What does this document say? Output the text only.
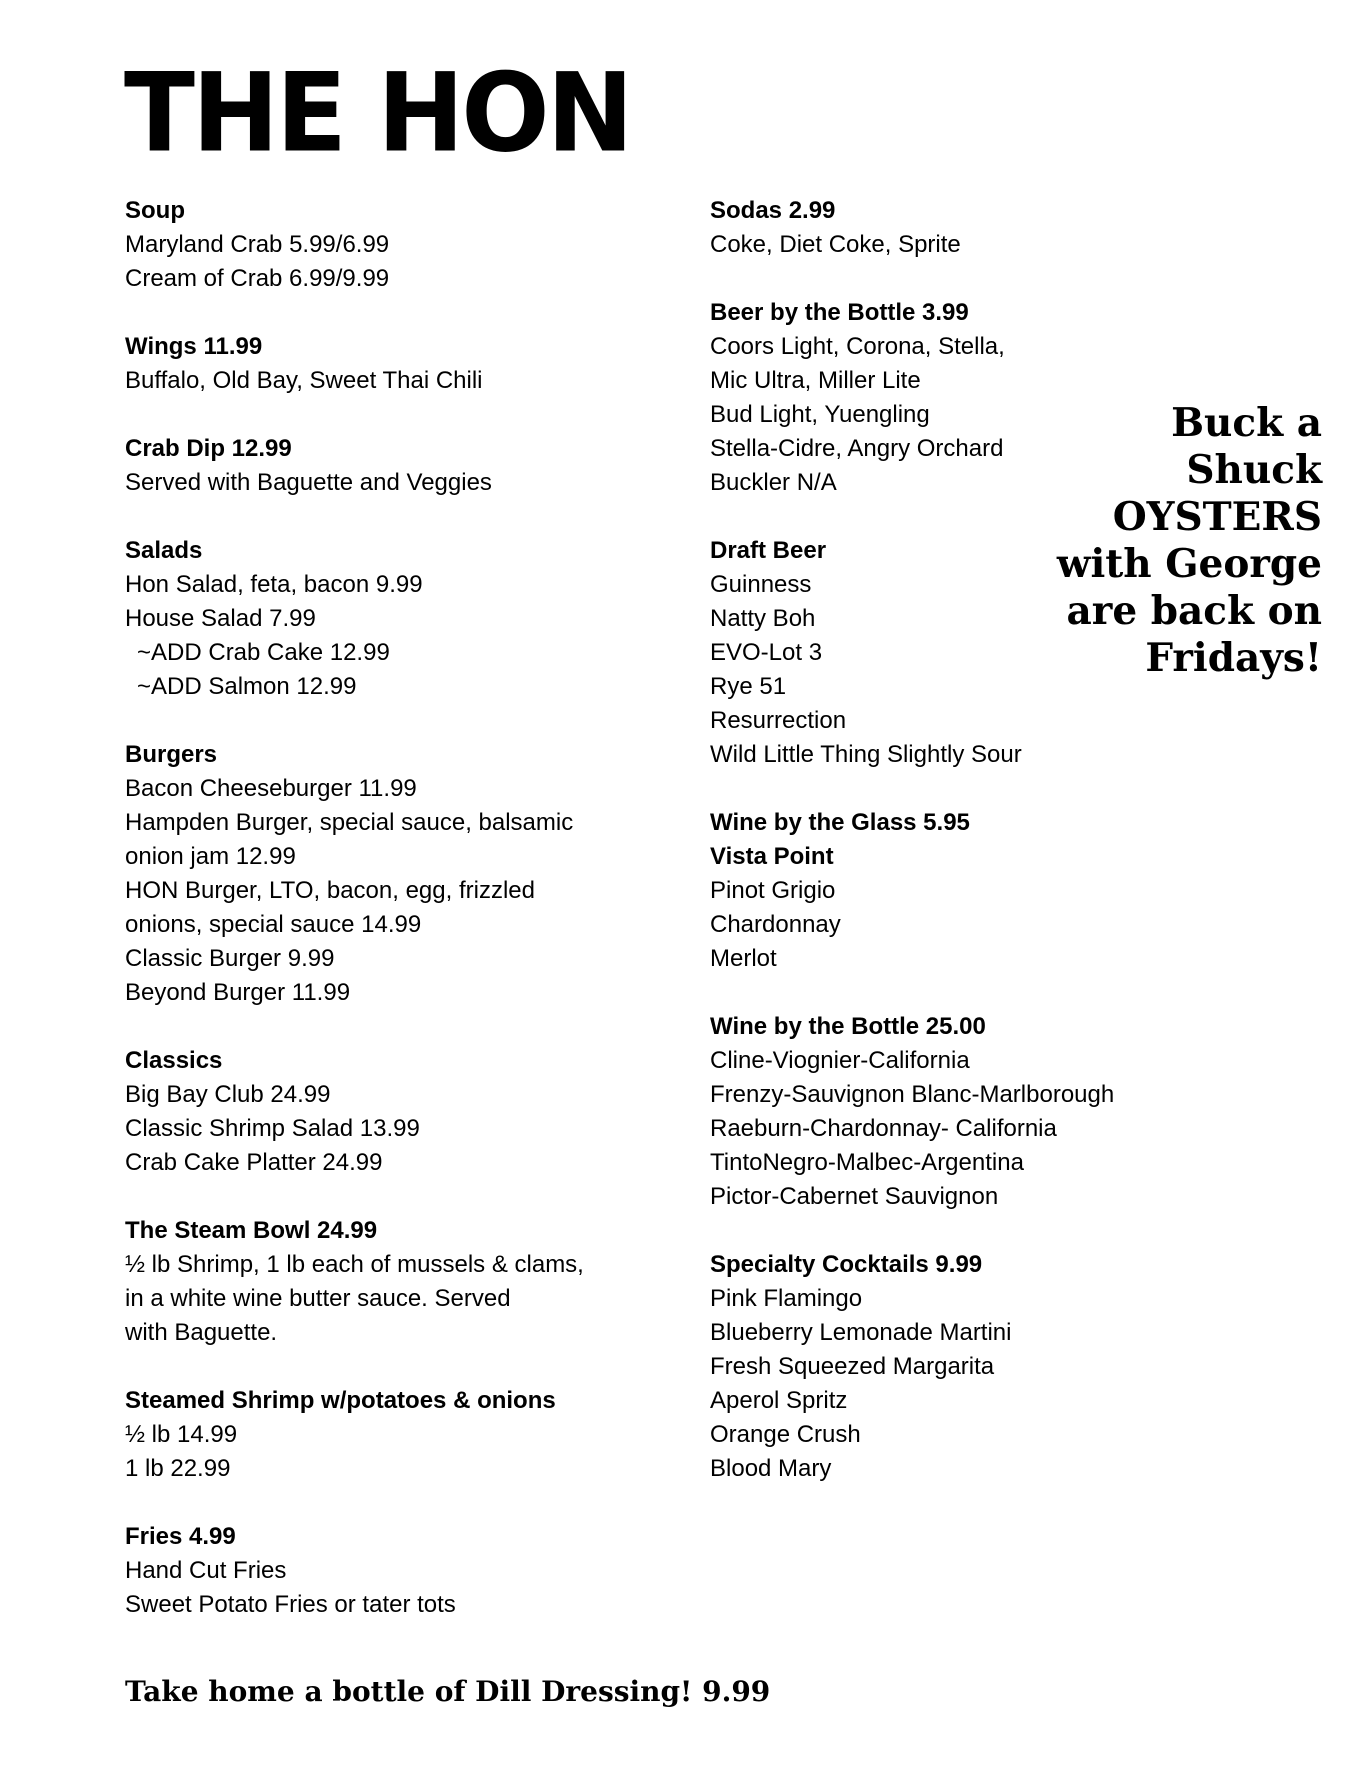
THE HON
Soup
Maryland Crab 5.99/6.99
Cream of Crab 6.99/9.99
Wings 11.99
Buffalo, Old Bay, Sweet Thai Chili
Crab Dip 12.99
Served with Baguette and Veggies
Salads
Hon Salad, feta, bacon 9.99
House Salad 7.99
~ADD Crab Cake 12.99
~ADD Salmon 12.99
Burgers
Bacon Cheeseburger 11.99
Hampden Burger, special sauce, balsamic
onion jam 12.99
HON Burger, LTO, bacon, egg, frizzled
onions, special sauce 14.99
Classic Burger 9.99
Beyond Burger 11.99
Classics
Big Bay Club 24.99
Classic Shrimp Salad 13.99
Crab Cake Platter 24.99
The Steam Bowl 24.99
½ lb Shrimp, 1 lb each of mussels & clams,
in a white wine butter sauce. Served
with Baguette.
Steamed Shrimp w/potatoes & onions
½ lb 14.99
1 lb 22.99
Fries 4.99
Hand Cut Fries
Sweet Potato Fries or tater tots
Sodas 2.99
Coke, Diet Coke, Sprite
Beer by the Bottle 3.99
Coors Light, Corona, Stella,
Mic Ultra, Miller Lite
Bud Light, Yuengling
Stella-Cidre, Angry Orchard
Buckler N/A
Draft Beer
Guinness
Natty Boh
EVO-Lot 3
Rye 51
Resurrection
Wild Little Thing Slightly Sour
Wine by the Glass 5.95
Vista Point
Pinot Grigio
Chardonnay
Merlot
Wine by the Bottle 25.00
Cline-Viognier-California
Frenzy-Sauvignon Blanc-Marlborough
Raeburn-Chardonnay- California
TintoNegro-Malbec-Argentina
Pictor-Cabernet Sauvignon
Specialty Cocktails 9.99
Pink Flamingo
Blueberry Lemonade Martini
Fresh Squeezed Margarita
Aperol Spritz
Orange Crush
Blood Mary
Buck a
Shuck
OYSTERS
with George
are back on
Fridays!
Take home a bottle of Dill Dressing! 9.99
